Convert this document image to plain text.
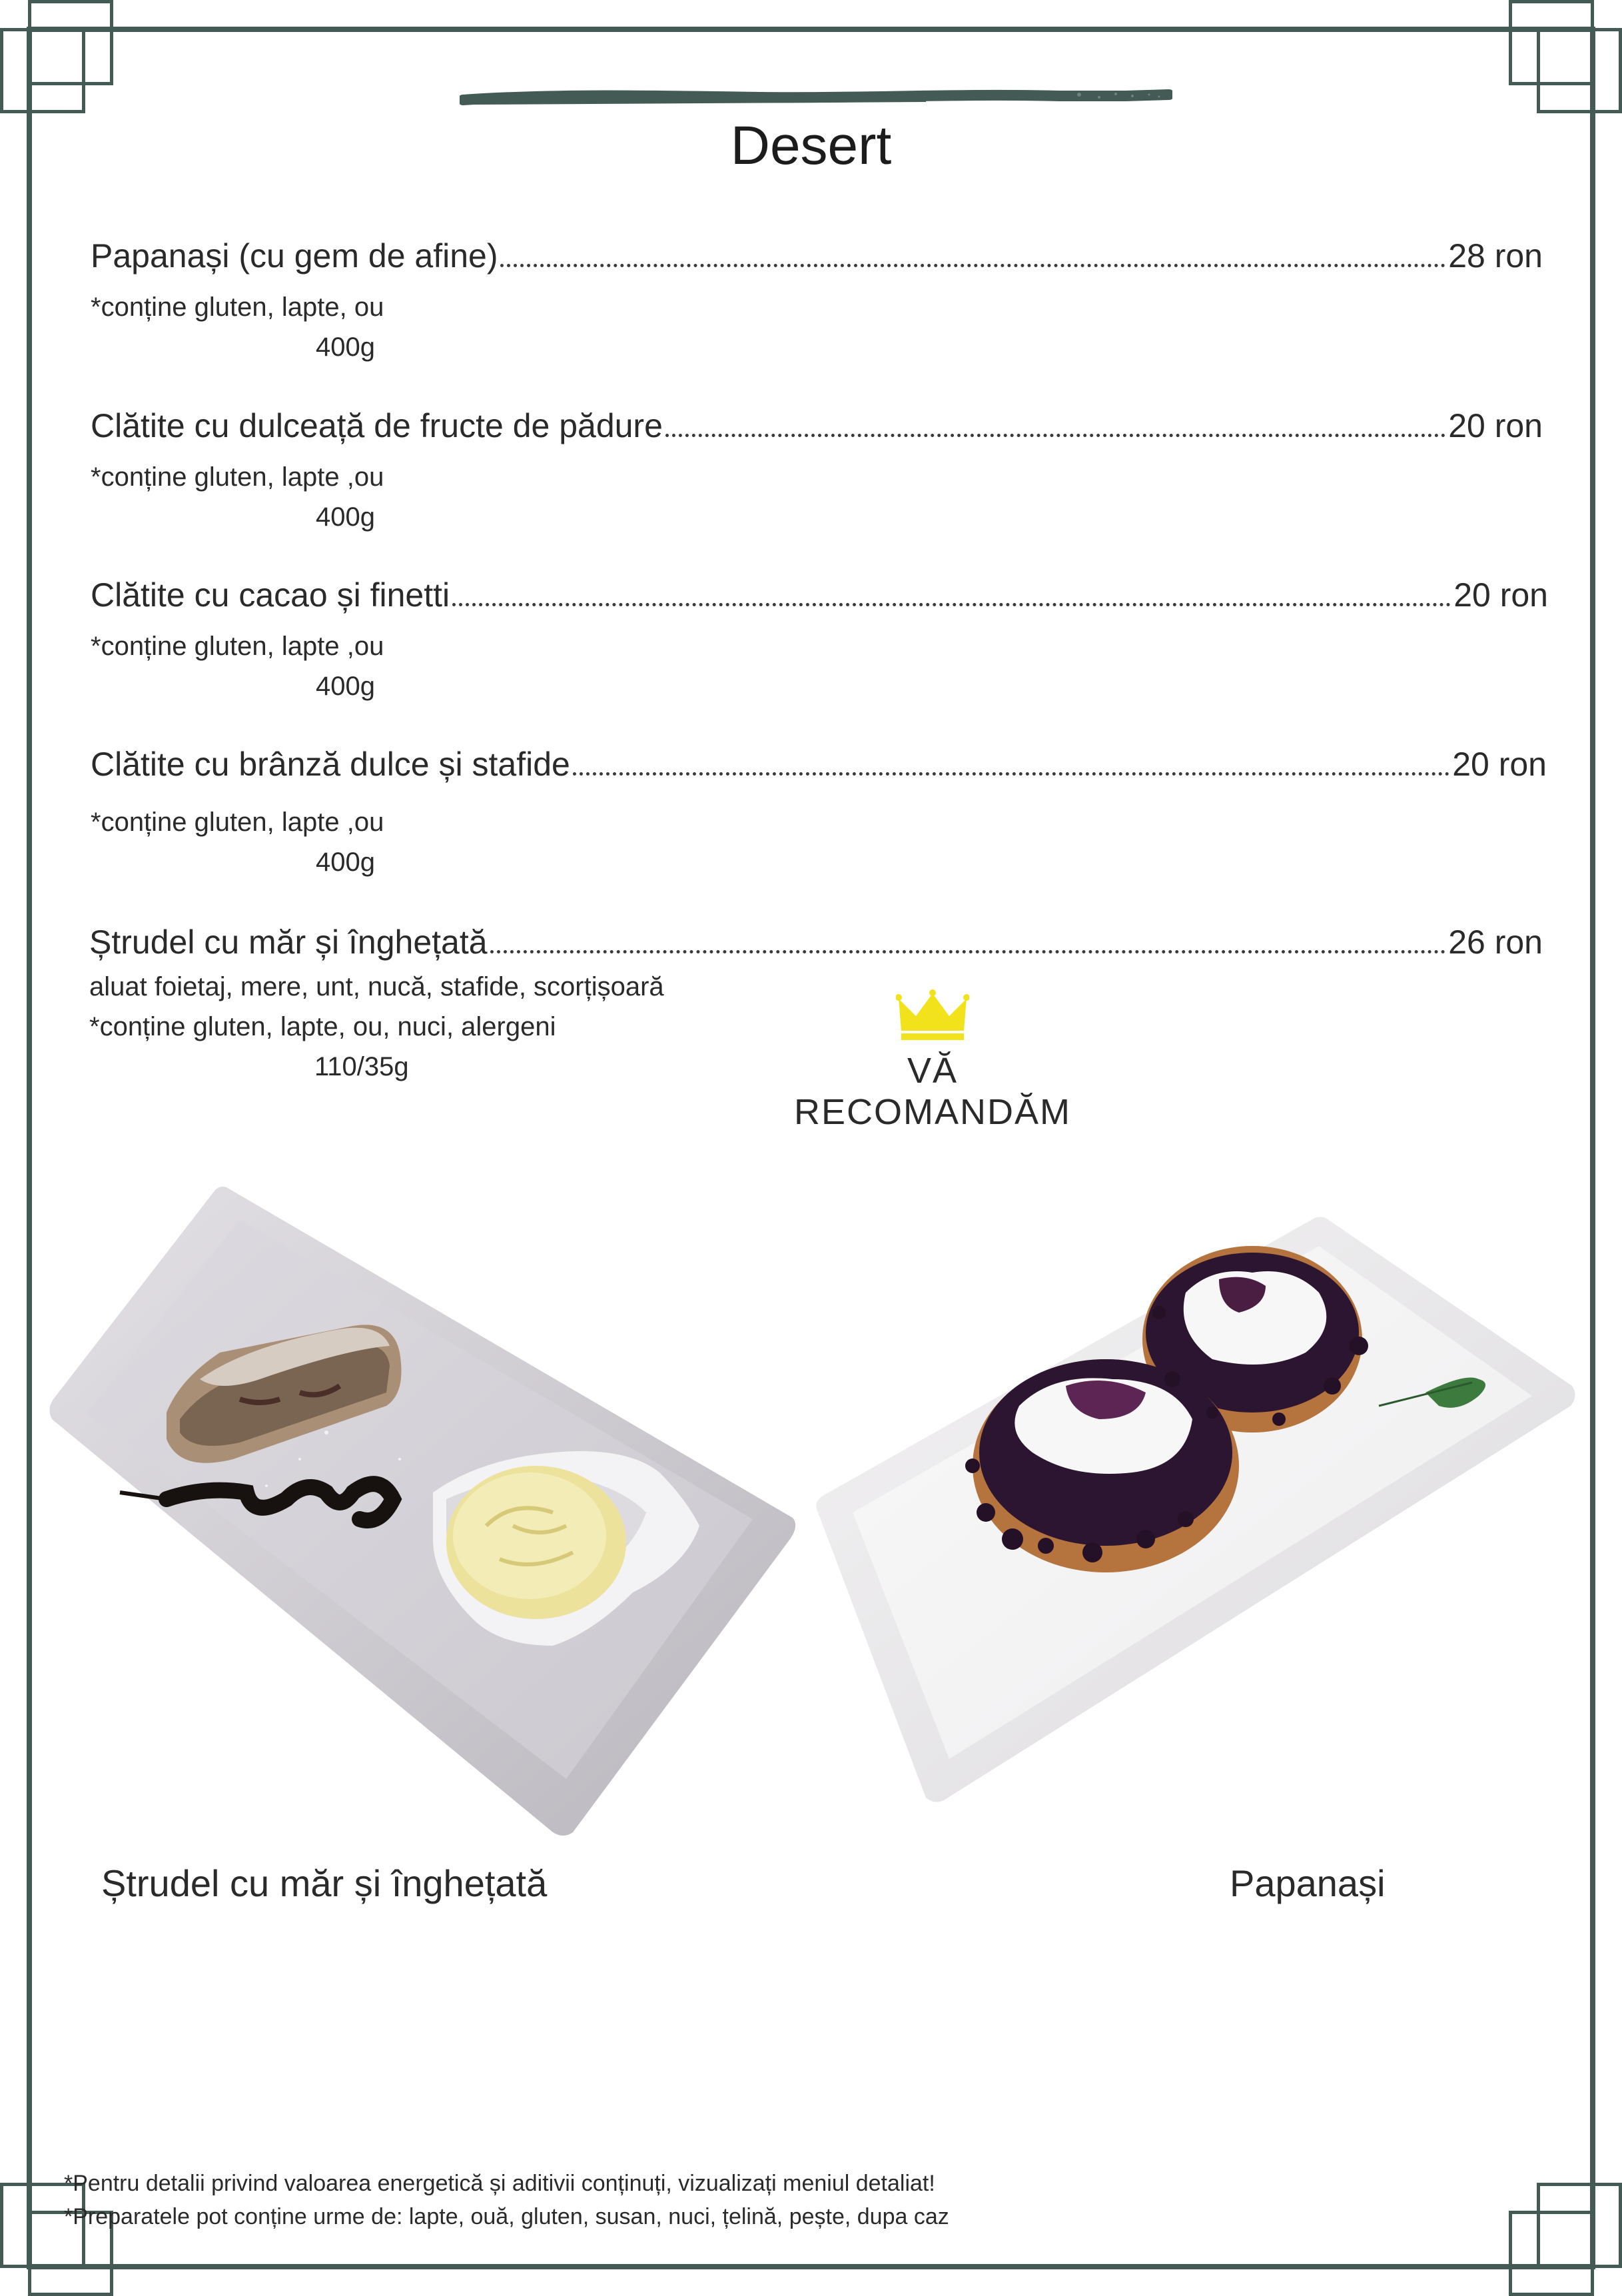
Desert
Papanași (cu gem de afine)	28 ron
*conține gluten, lapte, ou
400g
Clătite cu dulceață de fructe de pădure	20 ron
*conține gluten, lapte ,ou
400g
Clătite cu cacao și finetti	20 ron
*conține gluten, lapte ,ou
400g
Clătite cu brânză dulce și stafide	20 ron
*conține gluten, lapte ,ou
400g
Ștrudel cu măr și înghețată	26 ron
aluat foietaj, mere, unt, nucă, stafide, scorțișoară
*conține gluten, lapte, ou, nuci, alergeni
110/35g	VĂ RECOMANDĂM
Ștrudel cu măr și înghețată	Papanași
*Pentru detalii privind valoarea energetică și aditivii conținuți, vizualizați meniul detaliat!
*Preparatele pot conține urme de: lapte, ouă, gluten, susan, nuci, țelină, pește, dupa caz
